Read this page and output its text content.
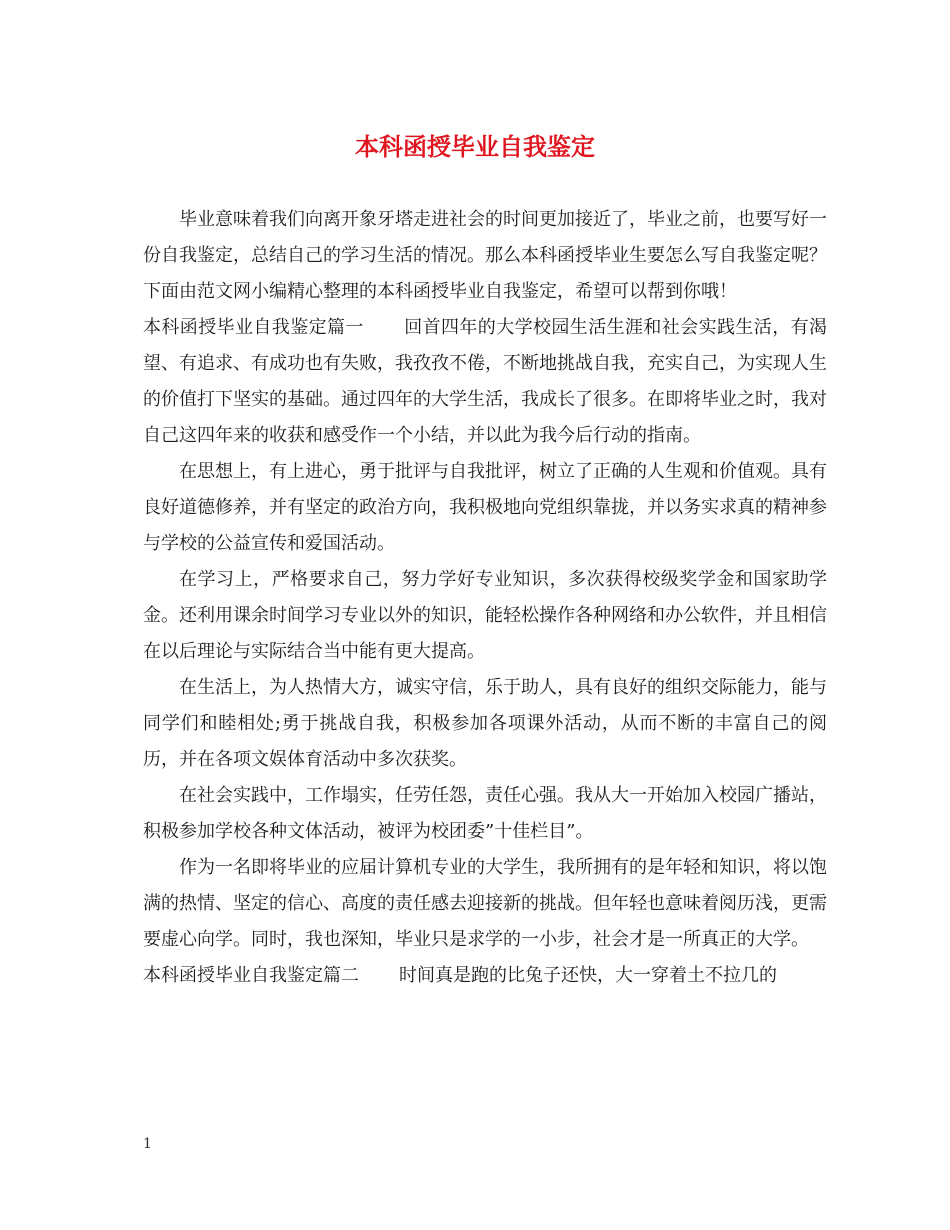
本科函授毕业自我鉴定

毕业意味着我们向离开象牙塔走进社会的时间更加接近了，毕业之前，也要写好一份自我鉴定，总结自己的学习生活的情况。那么本科函授毕业生要怎么写自我鉴定呢？下面由范文网小编精心整理的本科函授毕业自我鉴定，希望可以帮到你哦！

本科函授毕业自我鉴定篇一 回首四年的大学校园生活生涯和社会实践生活，有渴望、有追求、有成功也有失败，我孜孜不倦，不断地挑战自我，充实自己，为实现人生的价值打下坚实的基础。通过四年的大学生活，我成长了很多。在即将毕业之时，我对自己这四年来的收获和感受作一个小结，并以此为我今后行动的指南。

在思想上，有上进心，勇于批评与自我批评，树立了正确的人生观和价值观。具有良好道德修养，并有坚定的政治方向，我积极地向党组织靠拢，并以务实求真的精神参与学校的公益宣传和爱国活动。

在学习上，严格要求自己，努力学好专业知识，多次获得校级奖学金和国家助学金。还利用课余时间学习专业以外的知识，能轻松操作各种网络和办公软件，并且相信在以后理论与实际结合当中能有更大提高。

在生活上，为人热情大方，诚实守信，乐于助人，具有良好的组织交际能力，能与同学们和睦相处;勇于挑战自我，积极参加各项课外活动，从而不断的丰富自己的阅历，并在各项文娱体育活动中多次获奖。

在社会实践中，工作塌实，任劳任怨，责任心强。我从大一开始加入校园广播站，积极参加学校各种文体活动，被评为校团委”十佳栏目”。

作为一名即将毕业的应届计算机专业的大学生，我所拥有的是年轻和知识，将以饱满的热情、坚定的信心、高度的责任感去迎接新的挑战。但年轻也意味着阅历浅，更需要虚心向学。同时，我也深知，毕业只是求学的一小步，社会才是一所真正的大学。

本科函授毕业自我鉴定篇二 时间真是跑的比兔子还快，大一穿着土不拉几的

1
